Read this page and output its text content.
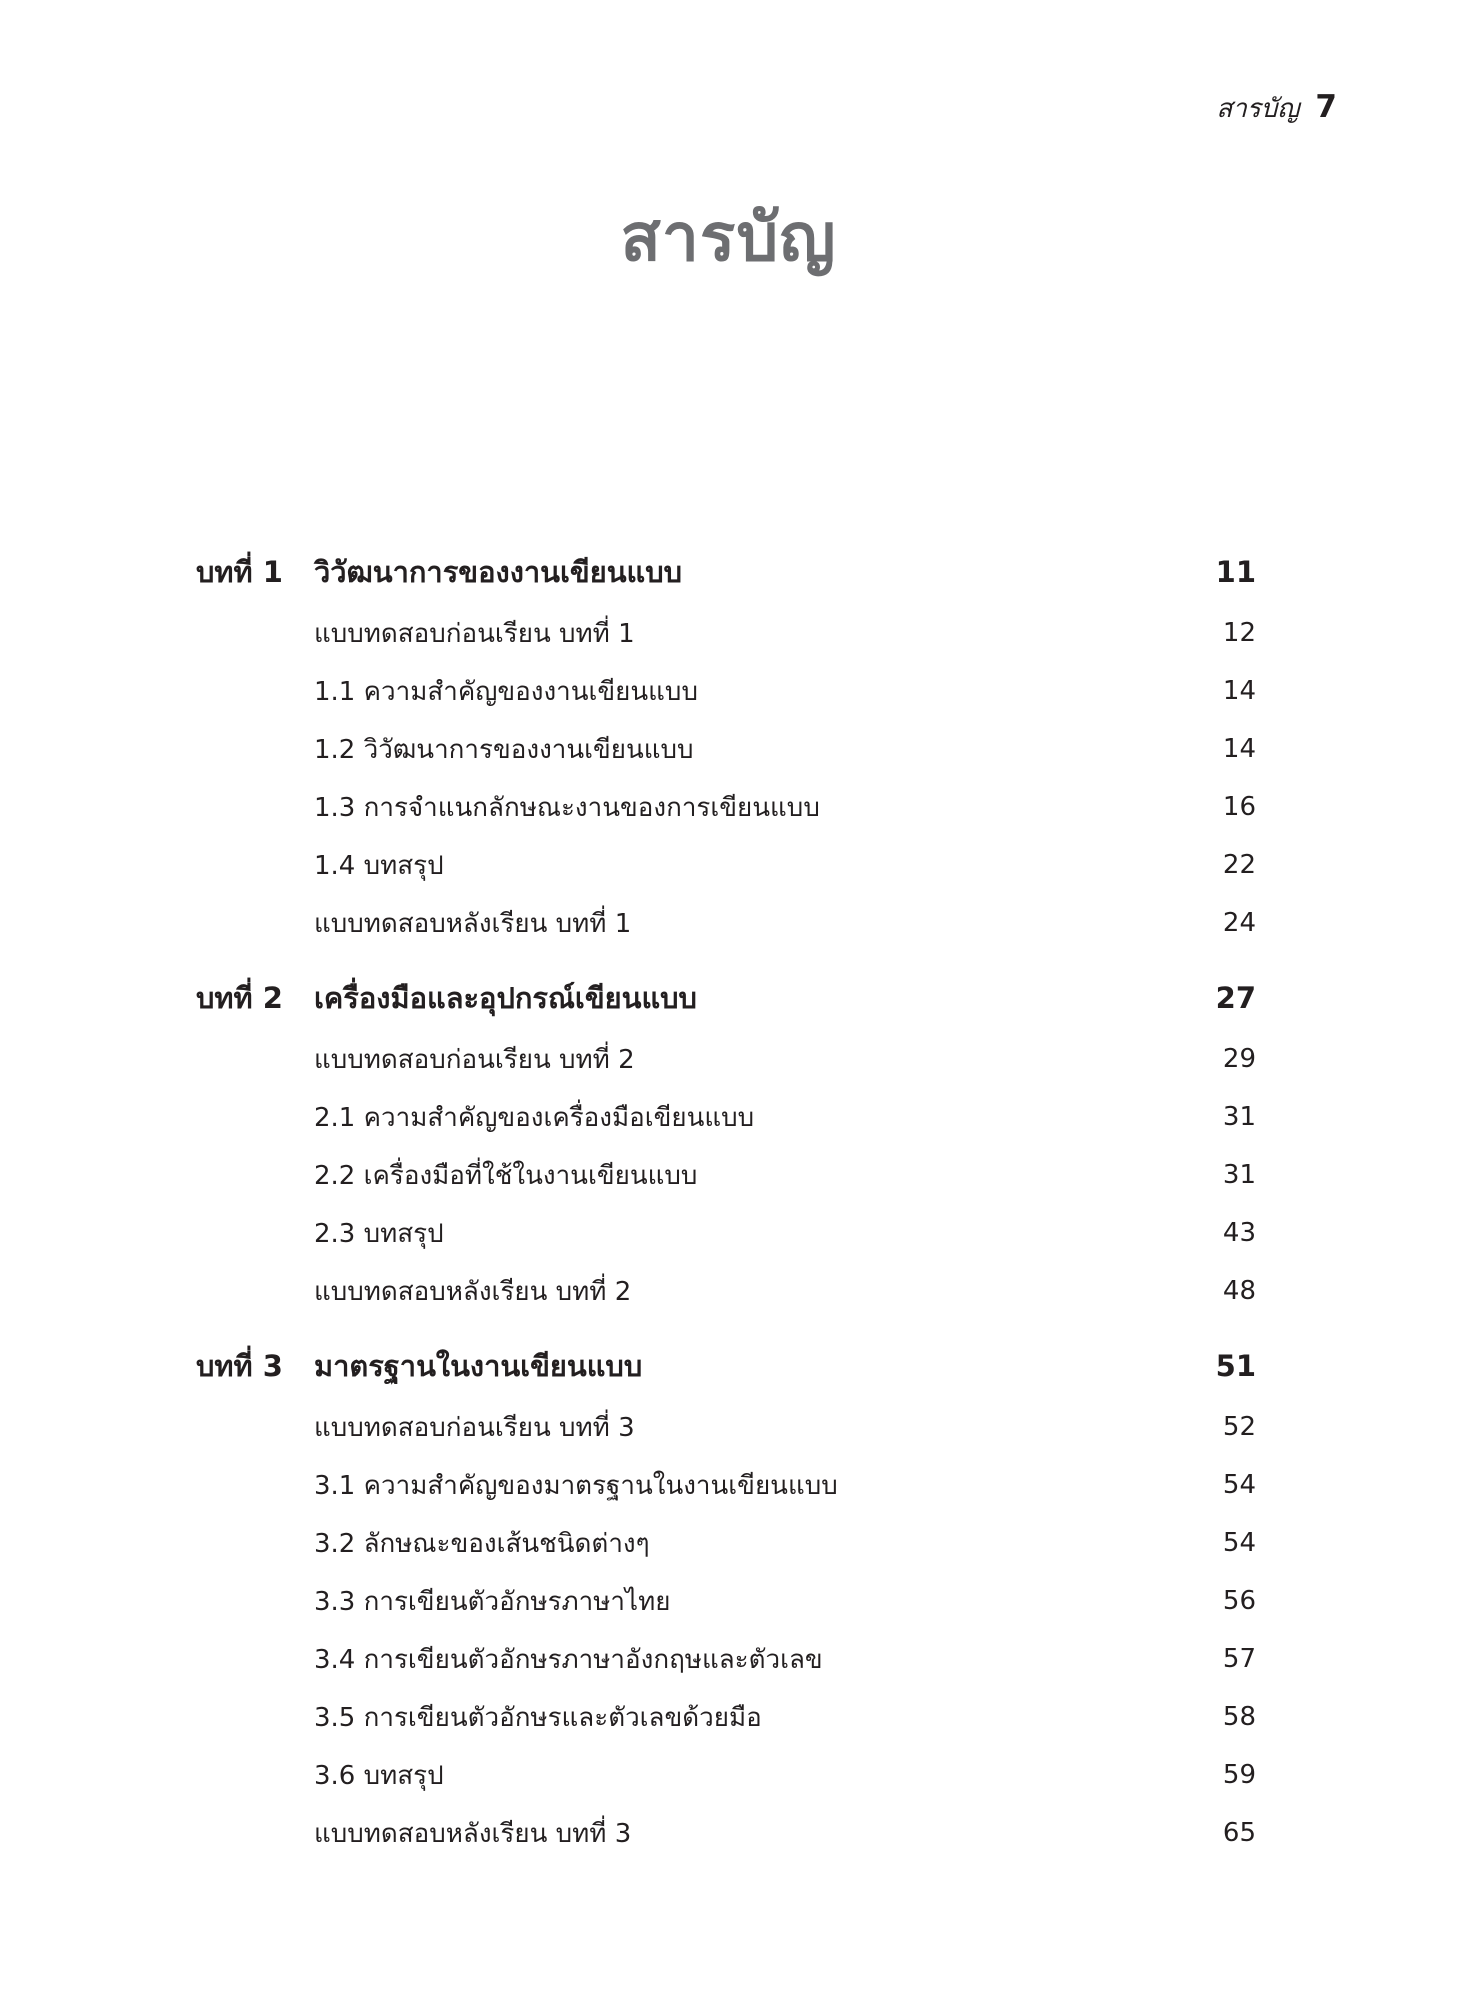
สารบัญ 7
สารบัญ
บทที่ 1	วิวัฒนาการของงานเขียนแบบ	11
แบบทดสอบก่อนเรียน บทที่ 1	12
1.1 ความสำคัญของงานเขียนแบบ	14
1.2 วิวัฒนาการของงานเขียนแบบ	14
1.3 การจำแนกลักษณะงานของการเขียนแบบ	16
1.4 บทสรุป	22
แบบทดสอบหลังเรียน บทที่ 1	24
บทที่ 2	เครื่องมือและอุปกรณ์เขียนแบบ	27
แบบทดสอบก่อนเรียน บทที่ 2	29
2.1 ความสำคัญของเครื่องมือเขียนแบบ	31
2.2 เครื่องมือที่ใช้ในงานเขียนแบบ	31
2.3 บทสรุป	43
แบบทดสอบหลังเรียน บทที่ 2	48
บทที่ 3	มาตรฐานในงานเขียนแบบ	51
แบบทดสอบก่อนเรียน บทที่ 3	52
3.1 ความสำคัญของมาตรฐานในงานเขียนแบบ	54
3.2 ลักษณะของเส้นชนิดต่างๆ	54
3.3 การเขียนตัวอักษรภาษาไทย	56
3.4 การเขียนตัวอักษรภาษาอังกฤษและตัวเลข	57
3.5 การเขียนตัวอักษรและตัวเลขด้วยมือ	58
3.6 บทสรุป	59
แบบทดสอบหลังเรียน บทที่ 3	65
